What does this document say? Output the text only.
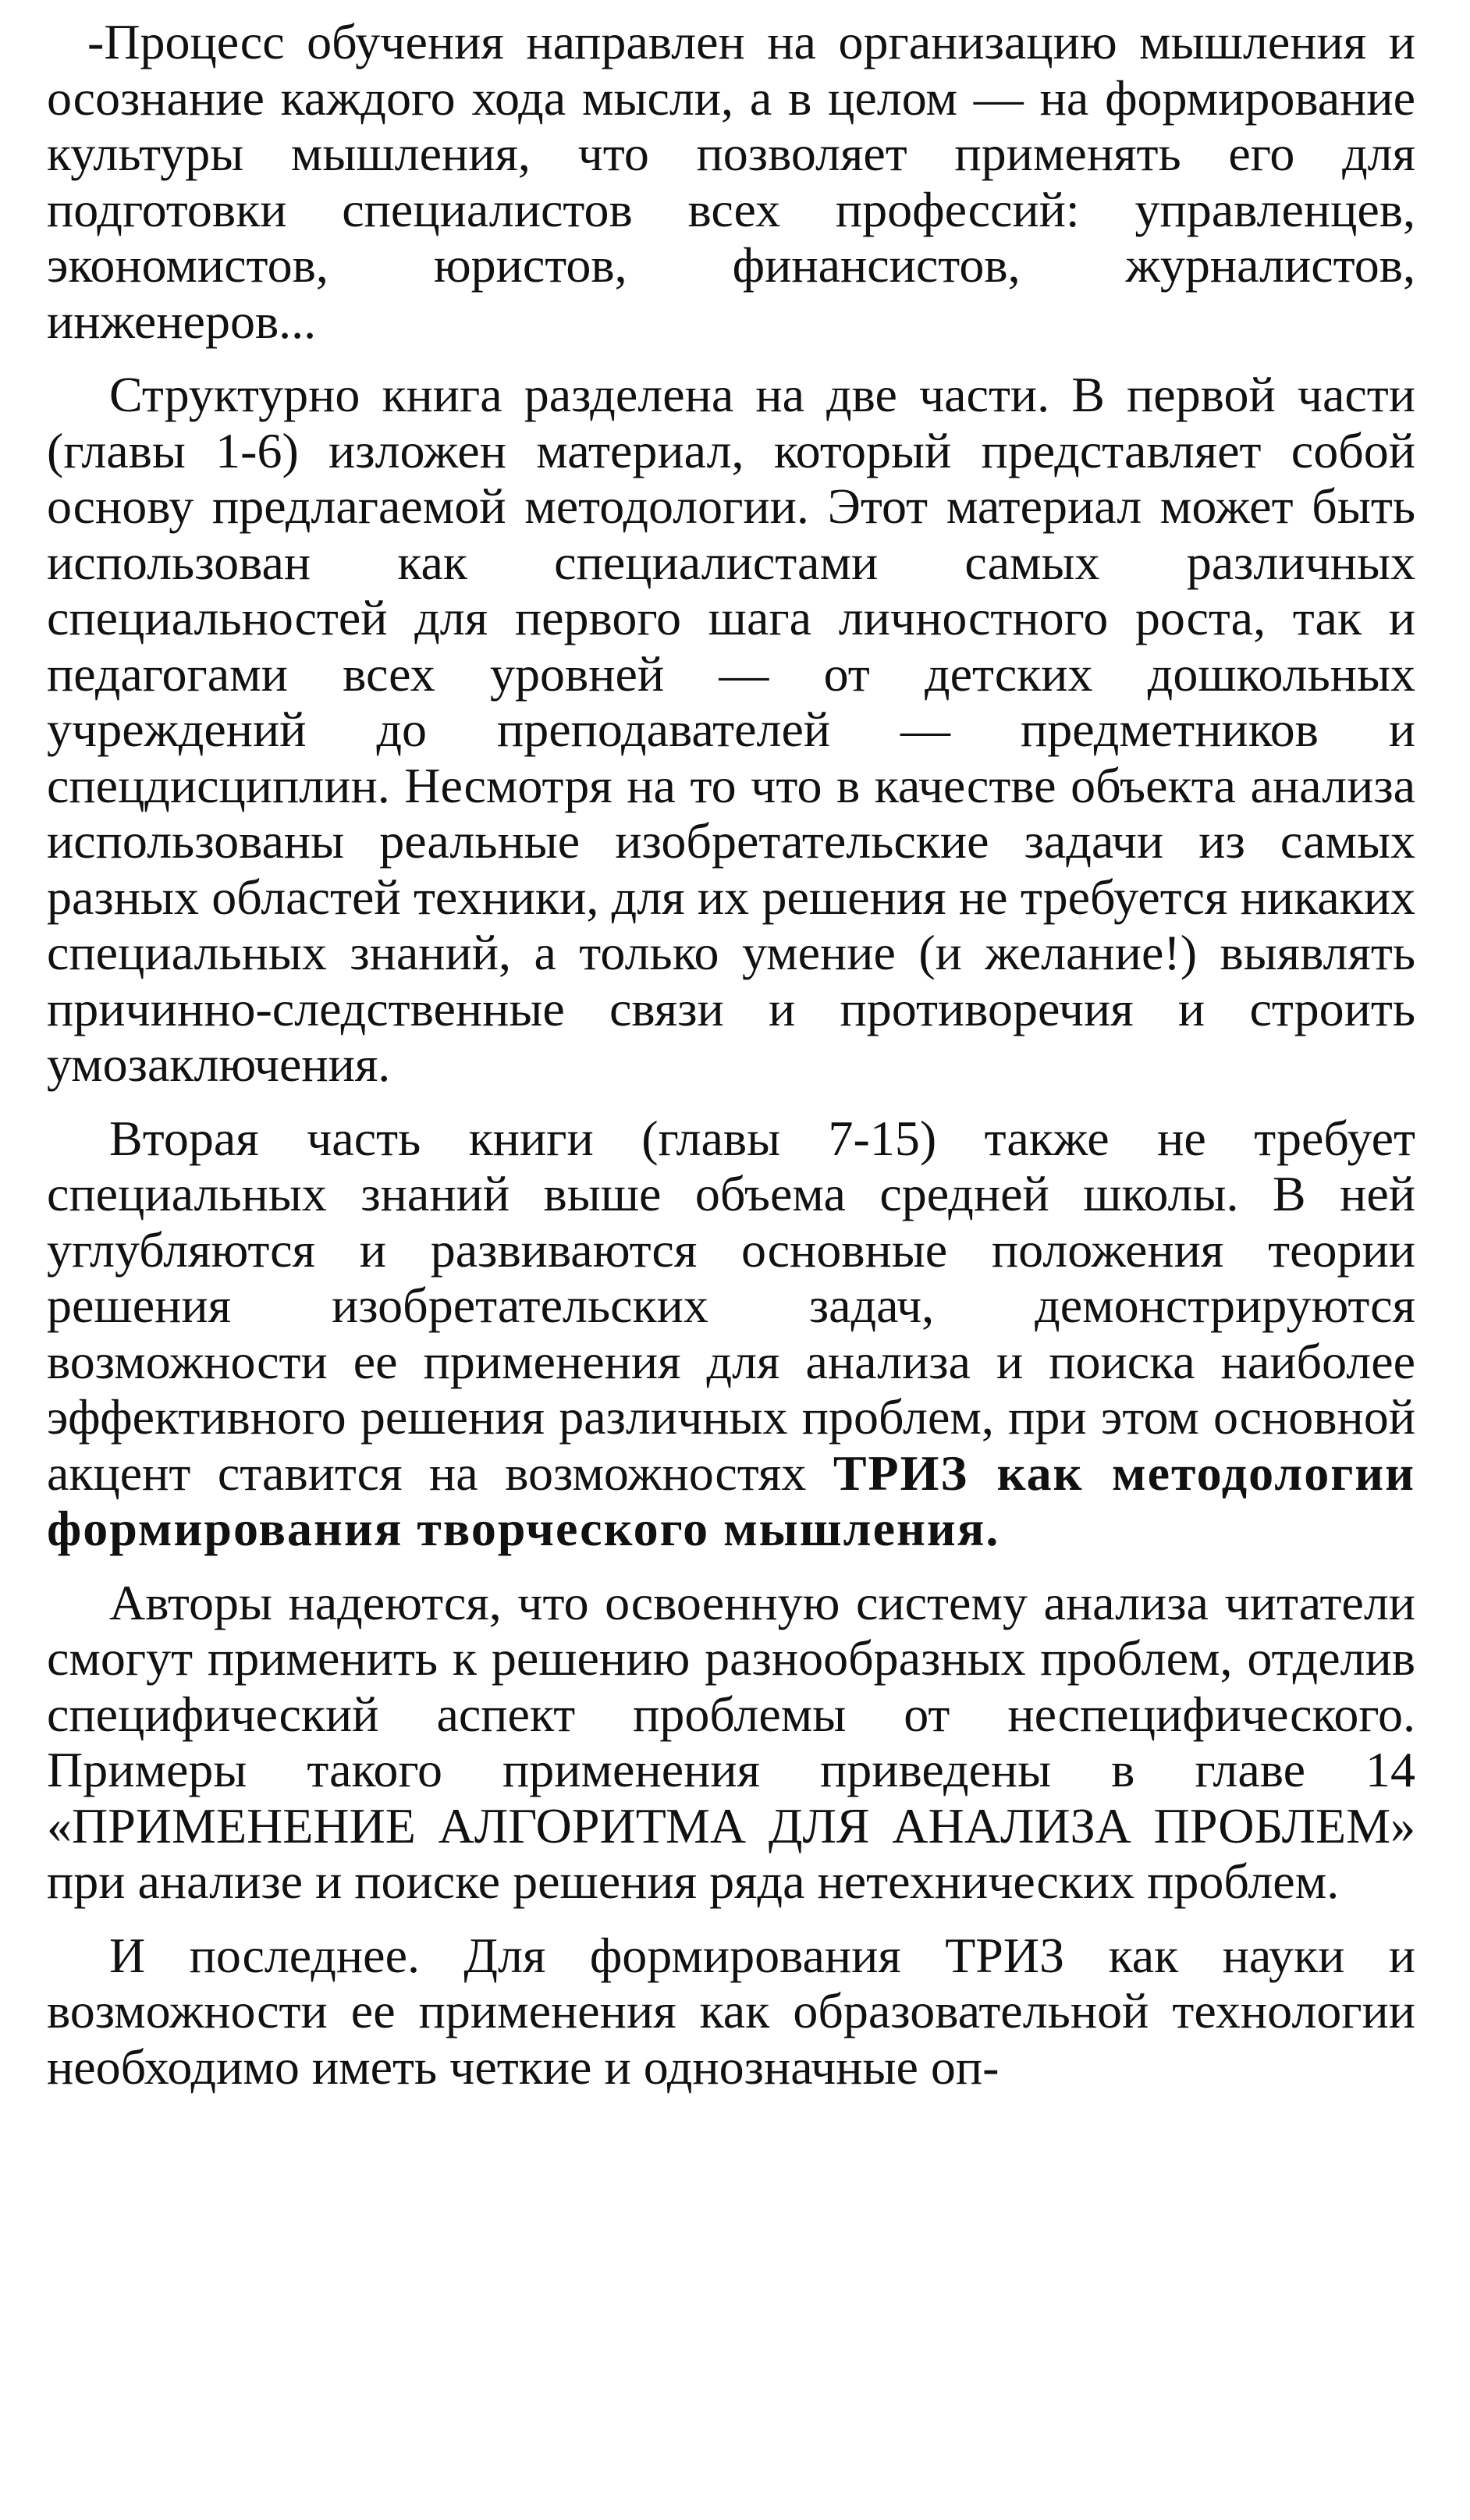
-Процесс обучения направлен на организацию мышления и осознание каждого хода мысли, а в целом — на формирование культуры мышления, что позволяет применять его для подготовки специалистов всех профессий: управленцев, экономистов, юристов, финансистов, журналистов, инженеров...

Структурно книга разделена на две части. В первой части (главы 1-6) изложен материал, который представляет собой основу предлагаемой методологии. Этот материал может быть использован как специалистами самых различных специальностей для первого шага личностного роста, так и педагогами всех уровней — от детских дошкольных учреждений до преподавателей — предметников и спецдисциплин. Несмотря на то что в качестве объекта анализа использованы реальные изобретательские задачи из самых разных областей техники, для их решения не требуется никаких специальных знаний, а только умение (и желание!) выявлять причинно-следственные связи и противоречия и строить умозаключения.

Вторая часть книги (главы 7-15) также не требует специальных знаний выше объема средней школы. В ней углубляются и развиваются основные положения теории решения изобретательских задач, демонстрируются возможности ее применения для анализа и поиска наиболее эффективного решения различных проблем, при этом основной акцент ставится на возможностях ТРИЗ как методологии формирования творческого мышления.

Авторы надеются, что освоенную систему анализа читатели смогут применить к решению разнообразных проблем, отделив специфический аспект проблемы от неспецифического. Примеры такого применения приведены в главе 14 «ПРИМЕНЕНИЕ АЛГОРИТМА ДЛЯ АНАЛИЗА ПРОБЛЕМ» при анализе и поиске решения ряда нетехнических проблем.

И последнее. Для формирования ТРИЗ как науки и возможности ее применения как образовательной технологии необходимо иметь четкие и однозначные оп-
